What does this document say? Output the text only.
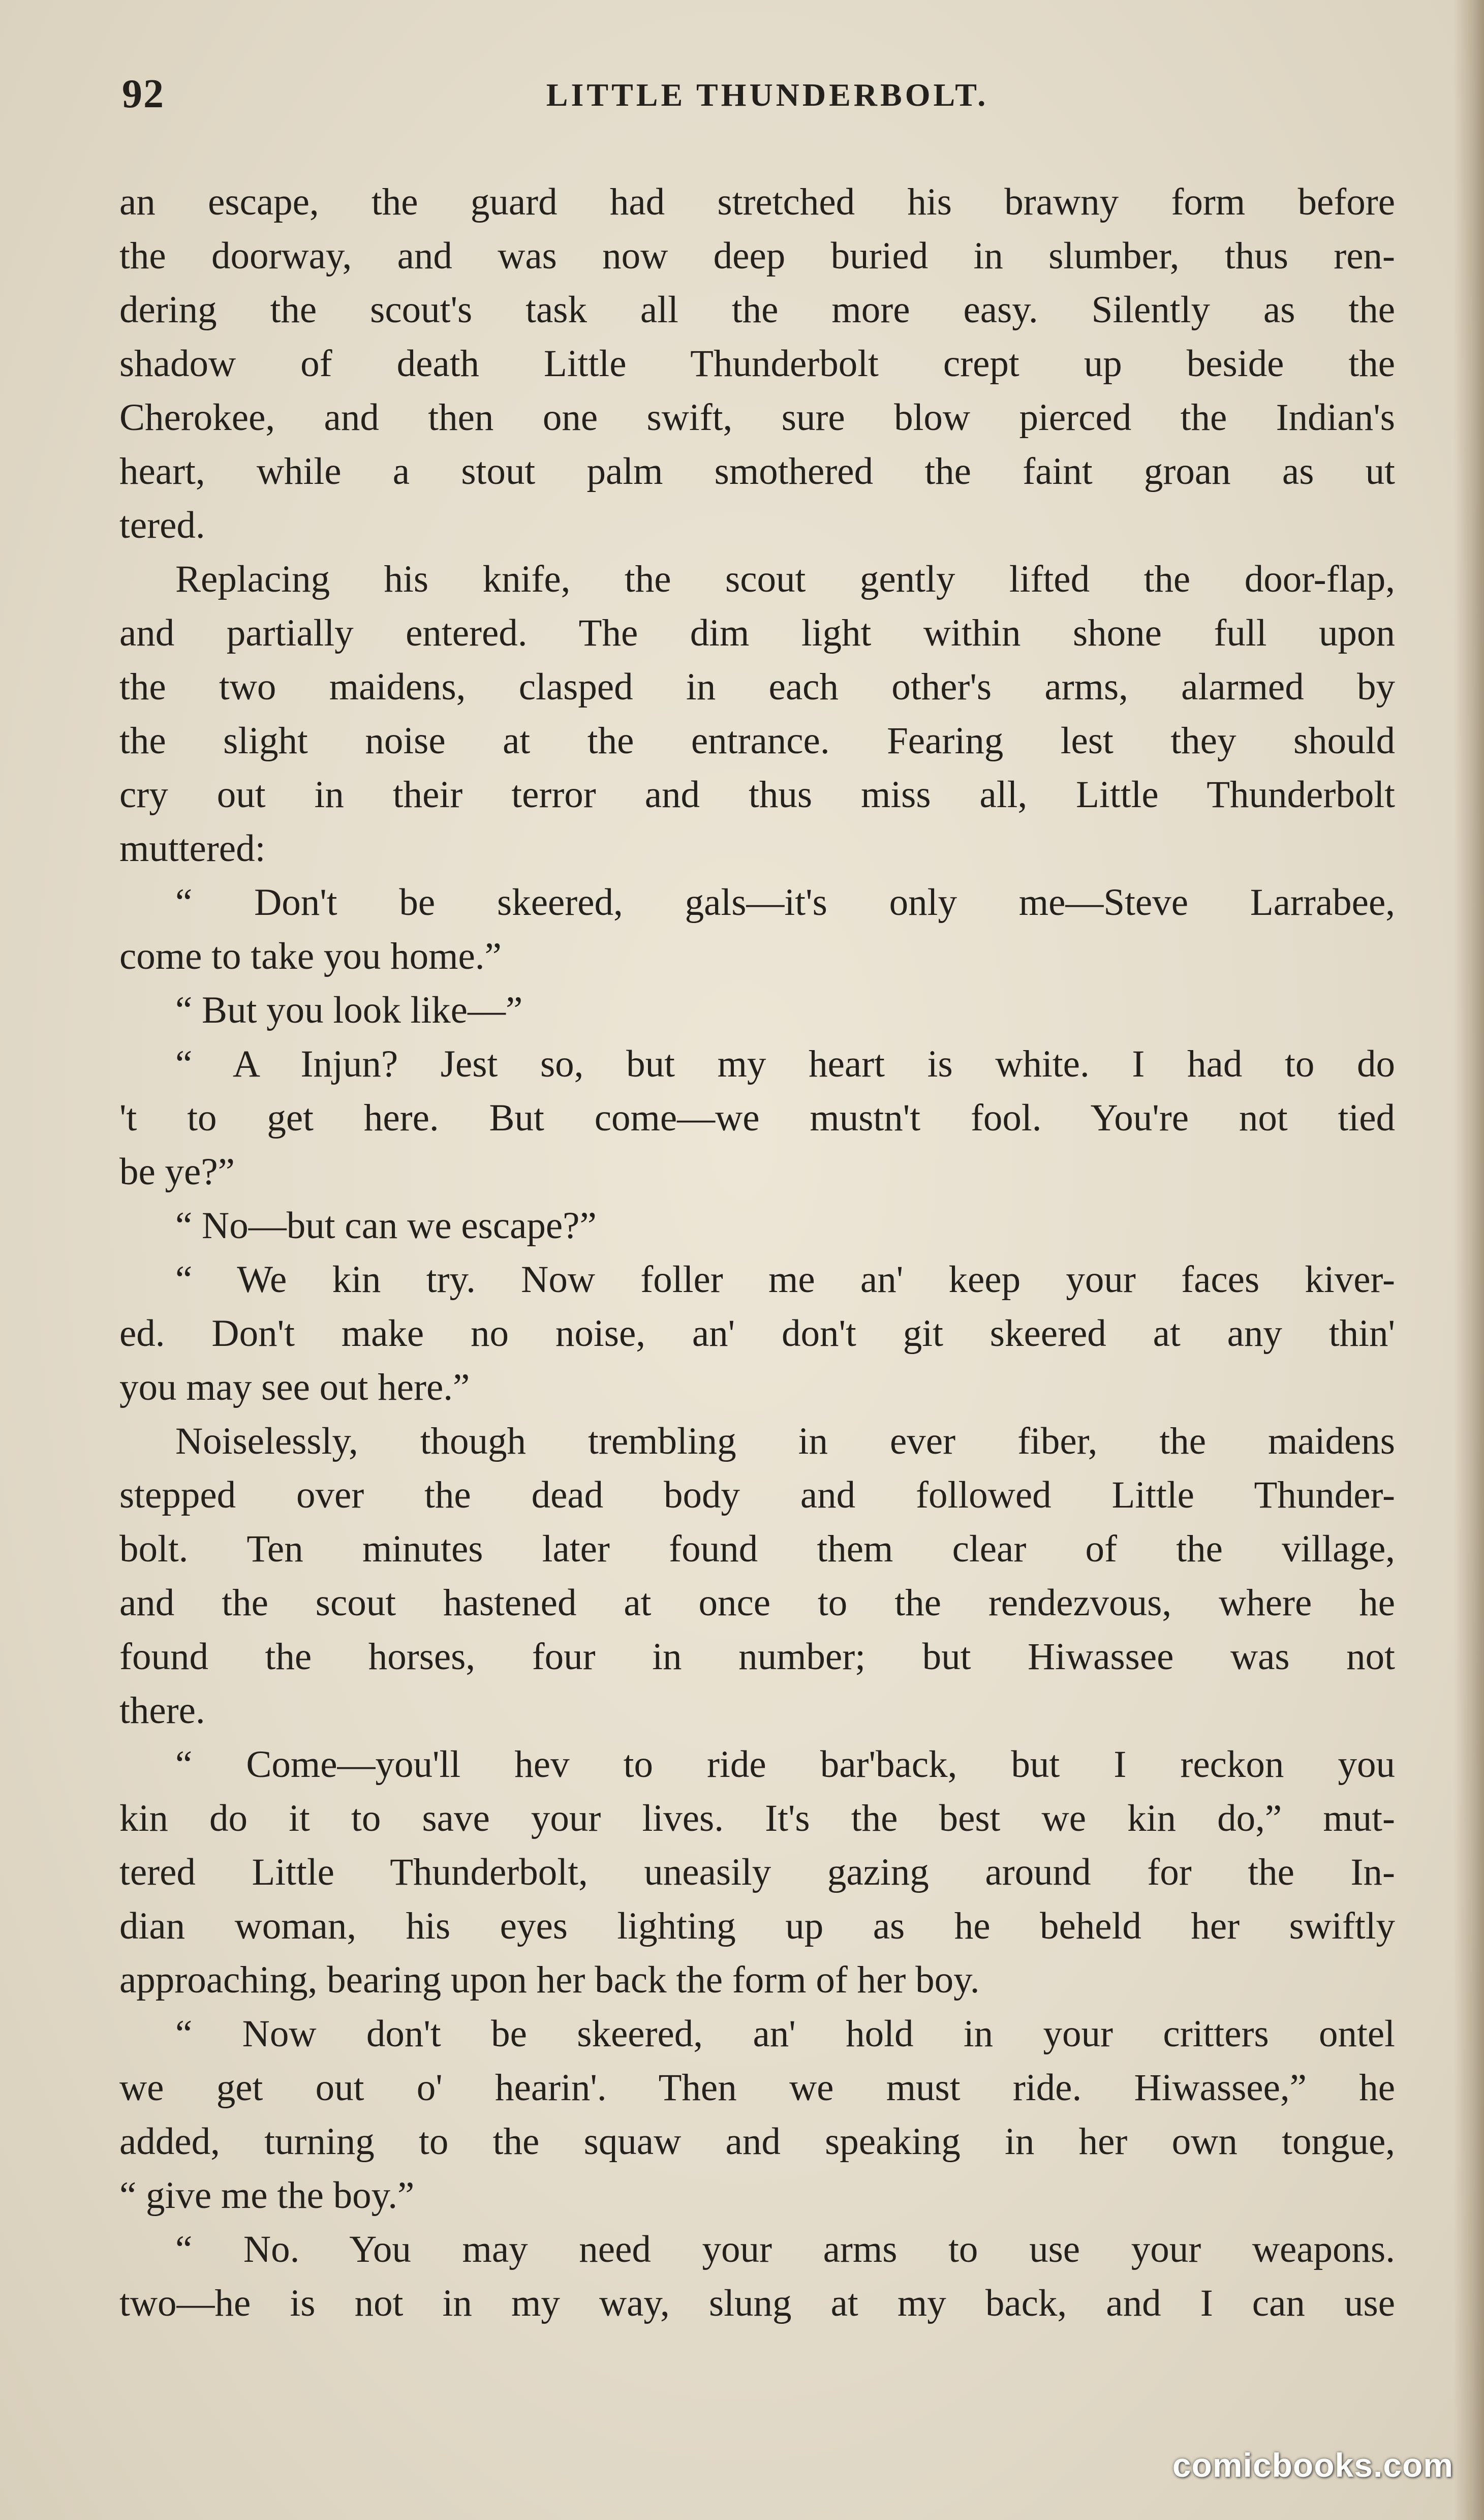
92	LITTLE THUNDERBOLT.
an escape, the guard had stretched his brawny form before
the doorway, and was now deep buried in slumber, thus ren-
dering the scout's task all the more easy. Silently as the
shadow of death Little Thunderbolt crept up beside the
Cherokee, and then one swift, sure blow pierced the Indian's
heart, while a stout palm smothered the faint groan as ut
tered.
Replacing his knife, the scout gently lifted the door-flap,
and partially entered. The dim light within shone full upon
the two maidens, clasped in each other's arms, alarmed by
the slight noise at the entrance. Fearing lest they should
cry out in their terror and thus miss all, Little Thunderbolt
muttered:
“ Don't be skeered, gals—it's only me—Steve Larrabee,
come to take you home.”
“ But you look like—”
“ A Injun? Jest so, but my heart is white. I had to do
't to get here. But come—we mustn't fool. You're not tied
be ye?”
“ No—but can we escape?”
“ We kin try. Now foller me an' keep your faces kiver-
ed. Don't make no noise, an' don't git skeered at any thin'
you may see out here.”
Noiselessly, though trembling in ever fiber, the maidens
stepped over the dead body and followed Little Thunder-
bolt. Ten minutes later found them clear of the village,
and the scout hastened at once to the rendezvous, where he
found the horses, four in number; but Hiwassee was not
there.
“ Come—you'll hev to ride bar'back, but I reckon you
kin do it to save your lives. It's the best we kin do,” mut-
tered Little Thunderbolt, uneasily gazing around for the In-
dian woman, his eyes lighting up as he beheld her swiftly
approaching, bearing upon her back the form of her boy.
“ Now don't be skeered, an' hold in your critters ontel
we get out o' hearin'. Then we must ride. Hiwassee,” he
added, turning to the squaw and speaking in her own tongue,
“ give me the boy.”
“ No. You may need your arms to use your weapons.
two—he is not in my way, slung at my back, and I can use
comicbooks.com
